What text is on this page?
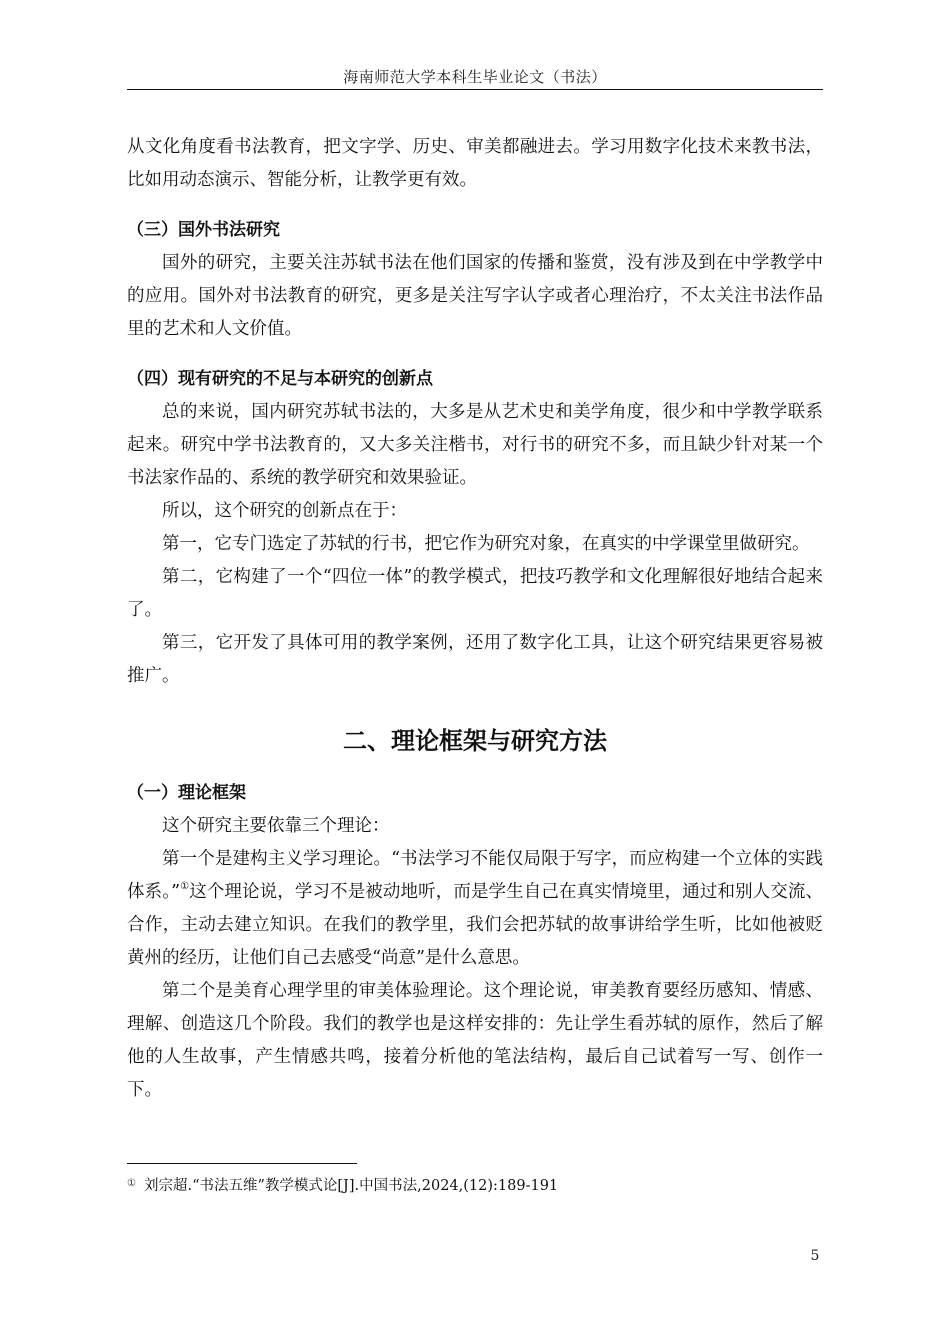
海南师范大学本科生毕业论文（书法）

从文化角度看书法教育，把文字学、历史、审美都融进去。学习用数字化技术来教书法，比如用动态演示、智能分析，让教学更有效。

（三）国外书法研究

国外的研究，主要关注苏轼书法在他们国家的传播和鉴赏，没有涉及到在中学教学中的应用。国外对书法教育的研究，更多是关注写字认字或者心理治疗，不太关注书法作品里的艺术和人文价值。

（四）现有研究的不足与本研究的创新点

总的来说，国内研究苏轼书法的，大多是从艺术史和美学角度，很少和中学教学联系起来。研究中学书法教育的，又大多关注楷书，对行书的研究不多，而且缺少针对某一个书法家作品的、系统的教学研究和效果验证。

所以，这个研究的创新点在于：

第一，它专门选定了苏轼的行书，把它作为研究对象，在真实的中学课堂里做研究。

第二，它构建了一个“四位一体”的教学模式，把技巧教学和文化理解很好地结合起来了。

第三，它开发了具体可用的教学案例，还用了数字化工具，让这个研究结果更容易被推广。

二、理论框架与研究方法
（一）理论框架

这个研究主要依靠三个理论：

第一个是建构主义学习理论。“书法学习不能仅局限于写字，而应构建一个立体的实践体系。”①这个理论说，学习不是被动地听，而是学生自己在真实情境里，通过和别人交流、合作，主动去建立知识。在我们的教学里，我们会把苏轼的故事讲给学生听，比如他被贬黄州的经历，让他们自己去感受“尚意”是什么意思。

第二个是美育心理学里的审美体验理论。这个理论说，审美教育要经历感知、情感、理解、创造这几个阶段。我们的教学也是这样安排的：先让学生看苏轼的原作，然后了解他的人生故事，产生情感共鸣，接着分析他的笔法结构，最后自己试着写一写、创作一下。

① 刘宗超.“书法五维”教学模式论[J].中国书法,2024,(12):189-191
5
